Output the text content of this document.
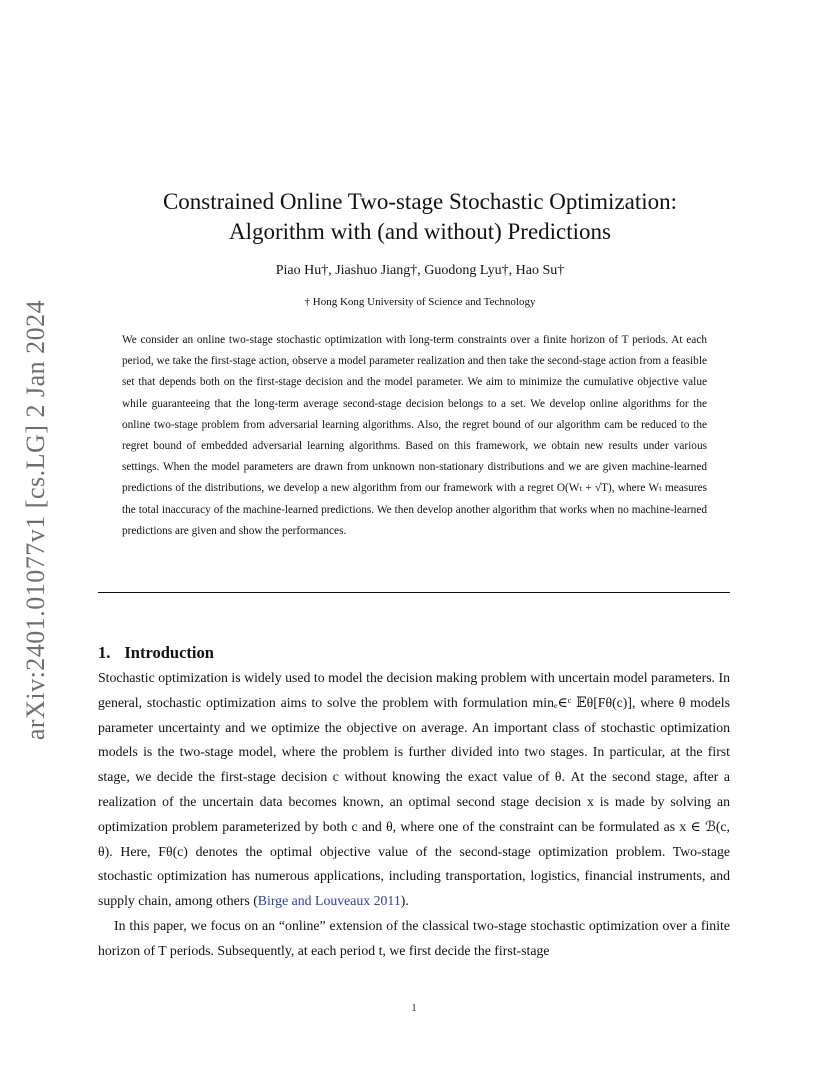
arXiv:2401.01077v1 [cs.LG] 2 Jan 2024
Constrained Online Two-stage Stochastic Optimization:
Algorithm with (and without) Predictions
Piao Hu†, Jiashuo Jiang†, Guodong Lyu†, Hao Su†
† Hong Kong University of Science and Technology
We consider an online two-stage stochastic optimization with long-term constraints over a finite horizon of T periods. At each period, we take the first-stage action, observe a model parameter realization and then take the second-stage action from a feasible set that depends both on the first-stage decision and the model parameter. We aim to minimize the cumulative objective value while guaranteeing that the long-term average second-stage decision belongs to a set. We develop online algorithms for the online two-stage problem from adversarial learning algorithms. Also, the regret bound of our algorithm cam be reduced to the regret bound of embedded adversarial learning algorithms. Based on this framework, we obtain new results under various settings. When the model parameters are drawn from unknown non-stationary distributions and we are given machine-learned predictions of the distributions, we develop a new algorithm from our framework with a regret O(Wₜ + √T), where Wₜ measures the total inaccuracy of the machine-learned predictions. We then develop another algorithm that works when no machine-learned predictions are given and show the performances.
1. Introduction

Stochastic optimization is widely used to model the decision making problem with uncertain model parameters. In general, stochastic optimization aims to solve the problem with formulation minₑ∈ᶜ 𝔼θ[Fθ(c)], where θ models parameter uncertainty and we optimize the objective on average. An important class of stochastic optimization models is the two-stage model, where the problem is further divided into two stages. In particular, at the first stage, we decide the first-stage decision c without knowing the exact value of θ. At the second stage, after a realization of the uncertain data becomes known, an optimal second stage decision x is made by solving an optimization problem parameterized by both c and θ, where one of the constraint can be formulated as x ∈ ℬ(c, θ). Here, Fθ(c) denotes the optimal objective value of the second-stage optimization problem. Two-stage stochastic optimization has numerous applications, including transportation, logistics, financial instruments, and supply chain, among others (Birge and Louveaux 2011).

In this paper, we focus on an “online” extension of the classical two-stage stochastic optimization over a finite horizon of T periods. Subsequently, at each period t, we first decide the first-stage

1
